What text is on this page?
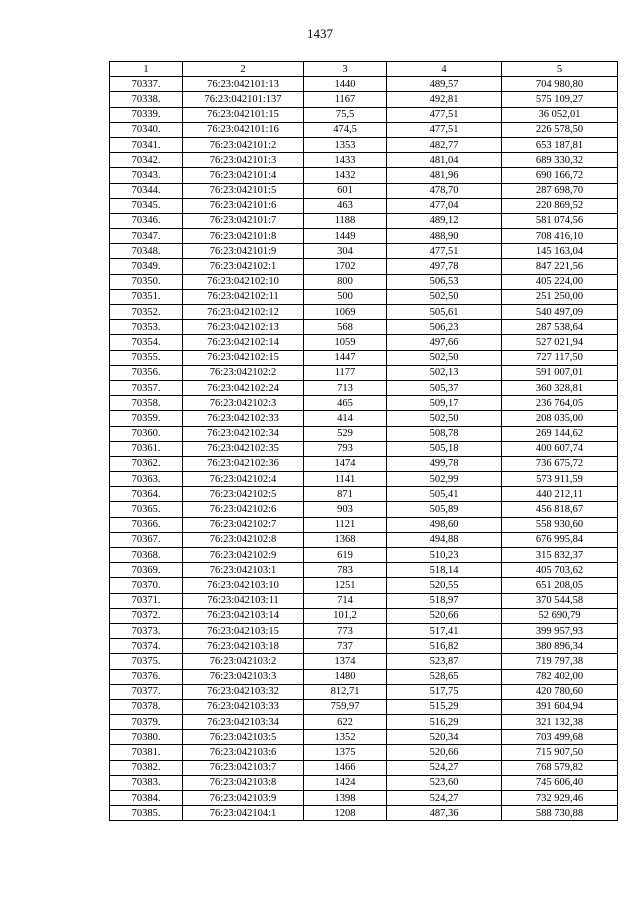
1437
1	2	3	4	5
70337.	76:23:042101:13	1440	489,57	704 980,80
70338.	76:23:042101:137	1167	492,81	575 109,27
70339.	76:23:042101:15	75,5	477,51	36 052,01
70340.	76:23:042101:16	474,5	477,51	226 578,50
70341.	76:23:042101:2	1353	482,77	653 187,81
70342.	76:23:042101:3	1433	481,04	689 330,32
70343.	76:23:042101:4	1432	481,96	690 166,72
70344.	76:23:042101:5	601	478,70	287 698,70
70345.	76:23:042101:6	463	477,04	220 869,52
70346.	76:23:042101:7	1188	489,12	581 074,56
70347.	76:23:042101:8	1449	488,90	708 416,10
70348.	76:23:042101:9	304	477,51	145 163,04
70349.	76:23:042102:1	1702	497,78	847 221,56
70350.	76:23:042102:10	800	506,53	405 224,00
70351.	76:23:042102:11	500	502,50	251 250,00
70352.	76:23:042102:12	1069	505,61	540 497,09
70353.	76:23:042102:13	568	506,23	287 538,64
70354.	76:23:042102:14	1059	497,66	527 021,94
70355.	76:23:042102:15	1447	502,50	727 117,50
70356.	76:23:042102:2	1177	502,13	591 007,01
70357.	76:23:042102:24	713	505,37	360 328,81
70358.	76:23:042102:3	465	509,17	236 764,05
70359.	76:23:042102:33	414	502,50	208 035,00
70360.	76:23:042102:34	529	508,78	269 144,62
70361.	76:23:042102:35	793	505,18	400 607,74
70362.	76:23:042102:36	1474	499,78	736 675,72
70363.	76:23:042102:4	1141	502,99	573 911,59
70364.	76:23:042102:5	871	505,41	440 212,11
70365.	76:23:042102:6	903	505,89	456 818,67
70366.	76:23:042102:7	1121	498,60	558 930,60
70367.	76:23:042102:8	1368	494,88	676 995,84
70368.	76:23:042102:9	619	510,23	315 832,37
70369.	76:23:042103:1	783	518,14	405 703,62
70370.	76:23:042103:10	1251	520,55	651 208,05
70371.	76:23:042103:11	714	518,97	370 544,58
70372.	76:23:042103:14	101,2	520,66	52 690,79
70373.	76:23:042103:15	773	517,41	399 957,93
70374.	76:23:042103:18	737	516,82	380 896,34
70375.	76:23:042103:2	1374	523,87	719 797,38
70376.	76:23:042103:3	1480	528,65	782 402,00
70377.	76:23:042103:32	812,71	517,75	420 780,60
70378.	76:23:042103:33	759,97	515,29	391 604,94
70379.	76:23:042103:34	622	516,29	321 132,38
70380.	76:23:042103:5	1352	520,34	703 499,68
70381.	76:23:042103:6	1375	520,66	715 907,50
70382.	76:23:042103:7	1466	524,27	768 579,82
70383.	76:23:042103:8	1424	523,60	745 606,40
70384.	76:23:042103:9	1398	524,27	732 929,46
70385.	76:23:042104:1	1208	487,36	588 730,88
